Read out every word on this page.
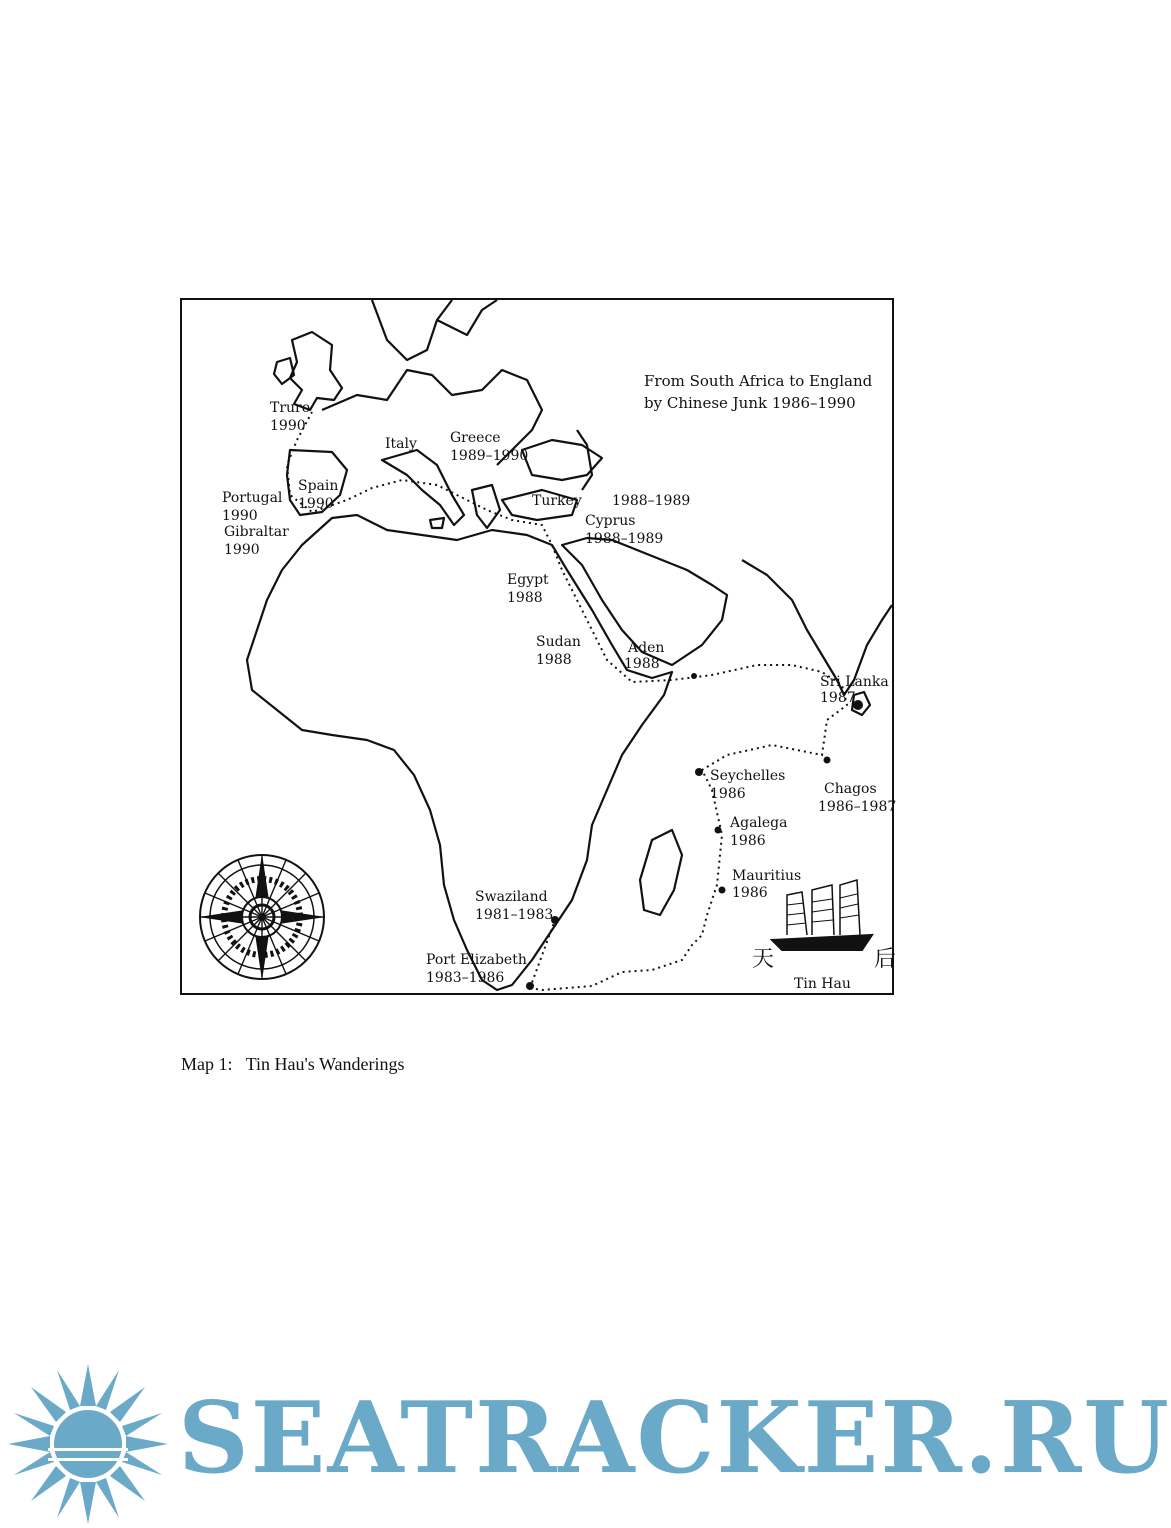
天	后
Tin Hau
From South Africa to England
by Chinese Junk 1986–1990
Truro
1990
Spain
1990
Portugal
1990
Gibraltar
1990
Italy Greece
1989–1990
Turkey 1988–1989
Cyprus
1988–1989
Egypt
1988
Sudan
1988
Aden
1988
Sri Lanka
1987
Seychelles
1986	Chagos
1986–1987
Agalega
1986
Mauritius
1986
Swaziland
1981–1983
Port Elizabeth
1983–1986
Map 1:   Tin Hau's Wanderings
SEATRACKER.RU
